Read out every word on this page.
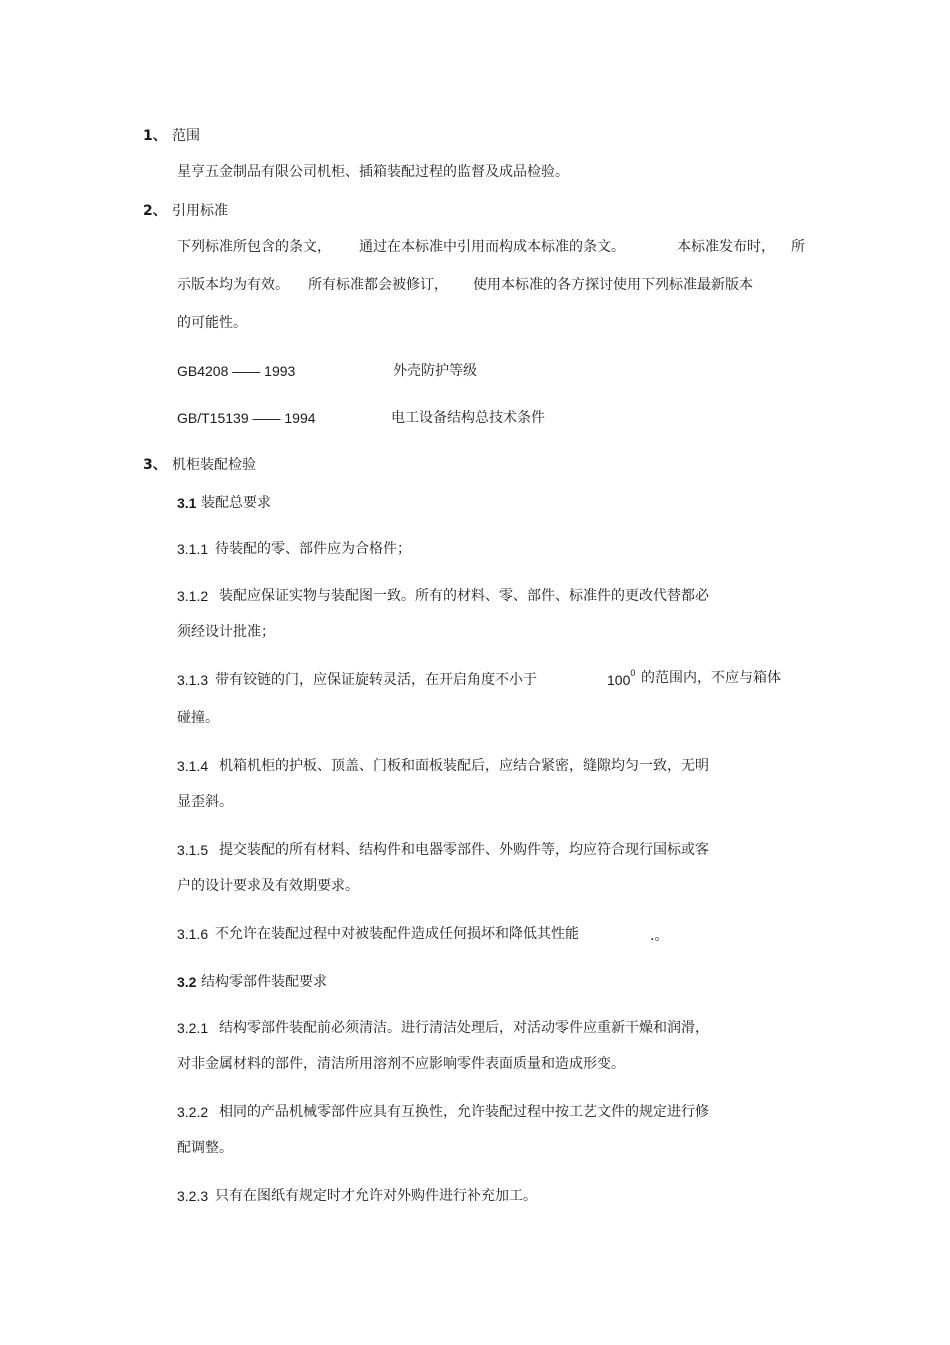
1、 范围
星亨五金制品有限公司机柜、插箱装配过程的监督及成品检验。
2、 引用标准
下列标准所包含的条文， 通过在本标准中引用而构成本标准的条文。	本标准发布时， 所
示版本均为有效。 所有标准都会被修订， 使用本标准的各方探讨使用下列标准最新版本
的可能性。
GB4208 —— 1993	外壳防护等级
GB/T15139 —— 1994	电工设备结构总技术条件
3、 机柜装配检验
3.1 装配总要求
3.1.1 待装配的零、部件应为合格件；
3.1.2 装配应保证实物与装配图一致。所有的材料、零、部件、标准件的更改代替都必
须经设计批准；
3.1.3 带有铰链的门，应保证旋转灵活，在开启角度不小于	$100^0$ 的范围内，不应与箱体
碰撞。
3.1.4 机箱机柜的护板、顶盖、门板和面板装配后，应结合紧密，缝隙均匀一致，无明
显歪斜。
3.1.5 提交装配的所有材料、结构件和电器零部件、外购件等，均应符合现行国标或客
户的设计要求及有效期要求。
3.1.6 不允许在装配过程中对被装配件造成任何损坏和降低其性能	.。
3.2 结构零部件装配要求
3.2.1 结构零部件装配前必须清洁。进行清洁处理后，对活动零件应重新干燥和润滑，
对非金属材料的部件，清洁所用溶剂不应影响零件表面质量和造成形变。
3.2.2 相同的产品机械零部件应具有互换性，允许装配过程中按工艺文件的规定进行修
配调整。
3.2.3 只有在图纸有规定时才允许对外购件进行补充加工。
